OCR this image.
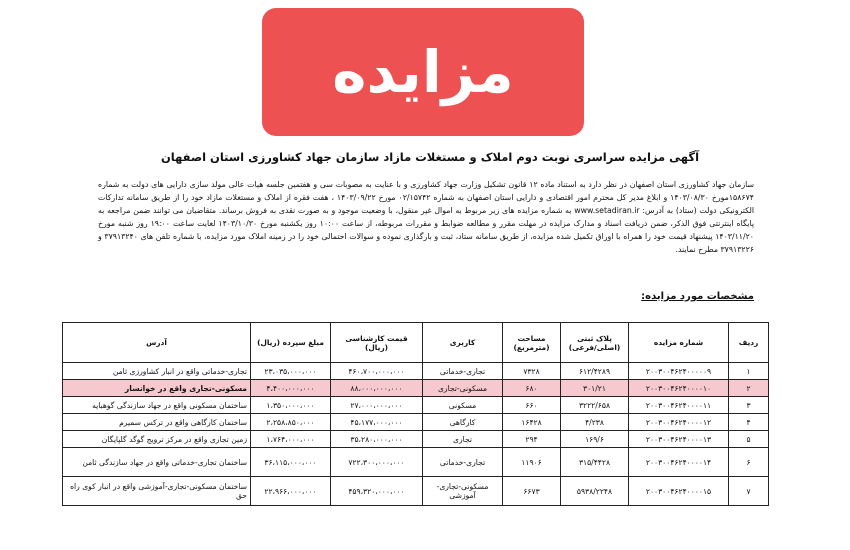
مزایده
آگهی مزایده سراسری نوبت دوم املاک و مستغلات مازاد سازمان جهاد کشاورزی استان اصفهان
سازمان جهاد کشاورزی استان اصفهان در نظر دارد به استناد ماده ۱۲ قانون تشکیل وزارت جهاد کشاورزی و با عنایت به مصوبات سی و هفتمین جلسه هیات عالی مولد سازی دارایی های دولت به شماره ۱۵۸۶۷۴مورخ ۱۴۰۳/۰۸/۳۰ و ابلاغ مدیر کل محترم امور اقتصادی و دارایی استان اصفهان به شماره ۰۲/۱۵۷۴۲ مورخ ۱۴۰۳/۰۹/۲۲ ، هفت فقره از املاک و مستغلات مازاد خود را از طریق سامانه تدارکات الکترونیکی دولت (ستاد) به آدرس: www.setadiran.ir به شماره مزایده های زیر مربوط به اموال غیر منقول، با وضعیت موجود و به صورت نقدی به فروش برساند. متقاضیان می توانند ضمن مراجعه به پایگاه اینترنتی فوق الذکر، ضمن دریافت اسناد و مدارک مزایده در مهلت مقرر و مطالعه ضوابط و مقررات مربوطه، از ساعت ۱۰:۰۰ روز یکشنبه مورخ ۱۴۰۳/۱۰/۳۰ لغایت ساعت ۱۹:۰۰ روز شنبه مورخ ۱۴۰۳/۱۱/۲۰ پیشنهاد قیمت خود را همراه با اوراق تکمیل شده مزایده، از طریق سامانه ستاد، ثبت و بارگذاری نموده و سوالات احتمالی خود را در زمینه املاک مورد مزایده، با شماره تلفن های ۳۷۹۱۳۲۴۰ و ۳۷۹۱۳۲۲۶ مطرح نمایند.
مشخصات مورد مزایده:
ردیف	شماره مزایده	پلاک ثبتی (اصلی/فرعی)	مساحت (مترمربع)	کاربری	قیمت کارشناسی (ریال)	مبلغ سپرده (ریال)	آدرس
۱	۲۰۰۳۰۰۴۶۲۴۰۰۰۰۰۹	۶۱۲/۴۲۸۹	۷۳۲۸	تجاری-خدماتی	۴۶۰،۷۰۰،۰۰۰،۰۰۰	۲۳،۰۳۵،۰۰۰،۰۰۰	تجاری-خدماتی واقع در انبار کشاورزی ثامن
۲	۲۰۰۳۰۰۴۶۲۴۰۰۰۰۱۰	۳۰۱/۲۱	۶۸۰	مسکونی-تجاری	۸۸،۰۰۰،۰۰۰،۰۰۰	۴،۴۰۰،۰۰۰،۰۰۰	مسکونی-تجاری واقع در خوانسار
۳	۲۰۰۳۰۰۴۶۲۴۰۰۰۰۱۱	۳۲۲۲/۶۵۸	۶۶۰	مسکونی	۲۷،۰۰۰،۰۰۰،۰۰۰	۱،۳۵۰،۰۰۰،۰۰۰	ساختمان مسکونی واقع در جهاد سازندگی گوهبایه
۴	۲۰۰۳۰۰۴۶۲۴۰۰۰۰۱۲	۴/۲۳۸	۱۶۴۲۸	کارگاهی	۴۵،۱۷۷،۰۰۰،۰۰۰	۲،۲۵۸،۸۵۰،۰۰۰	ساختمان کارگاهی واقع در ترکس سمیرم
۵	۲۰۰۳۰۰۴۶۲۴۰۰۰۰۱۳	۱۶۹/۶	۲۹۴	تجاری	۳۵،۲۸۰،۰۰۰،۰۰۰	۱،۷۶۴،۰۰۰،۰۰۰	زمین تجاری واقع در مرکز ترویج گوگد گلپایگان
۶	۲۰۰۳۰۰۴۶۲۴۰۰۰۰۱۴	۳۱۵/۴۴۲۸	۱۱۹۰۶	تجاری-خدماتی	۷۲۲،۳۰۰،۰۰۰،۰۰۰	۳۶،۱۱۵،۰۰۰،۰۰۰	ساختمان تجاری-خدماتی واقع در جهاد سازندگی ثامن
۷	۲۰۰۳۰۰۴۶۲۴۰۰۰۰۱۵	۵۹۳۸/۲۲۴۸	۶۶۷۳	مسکونی-تجاری-آموزشی	۴۵۹،۳۲۰،۰۰۰،۰۰۰	۲۲،۹۶۶،۰۰۰،۰۰۰	ساختمان مسکونی-تجاری-آموزشی واقع در انبار کوی راه حق
